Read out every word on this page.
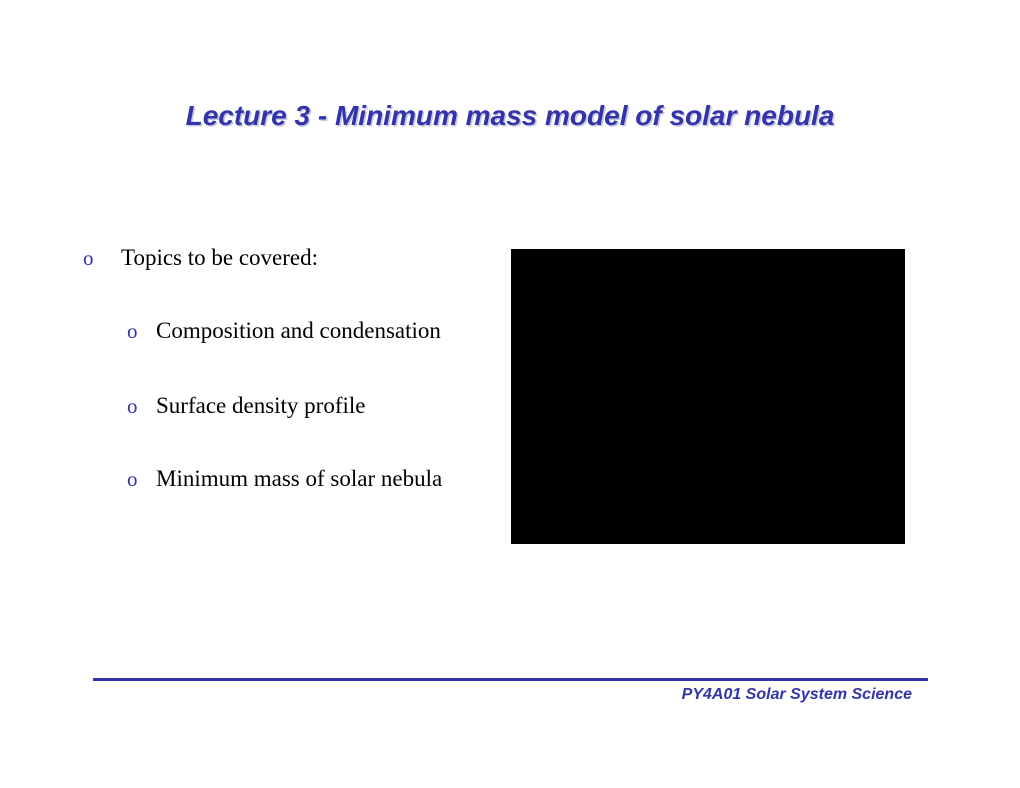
Lecture 3 - Minimum mass model of solar nebula
o	Topics to be covered:
o Composition and condensation
o Surface density profile
o Minimum mass of solar nebula
PY4A01 Solar System Science
